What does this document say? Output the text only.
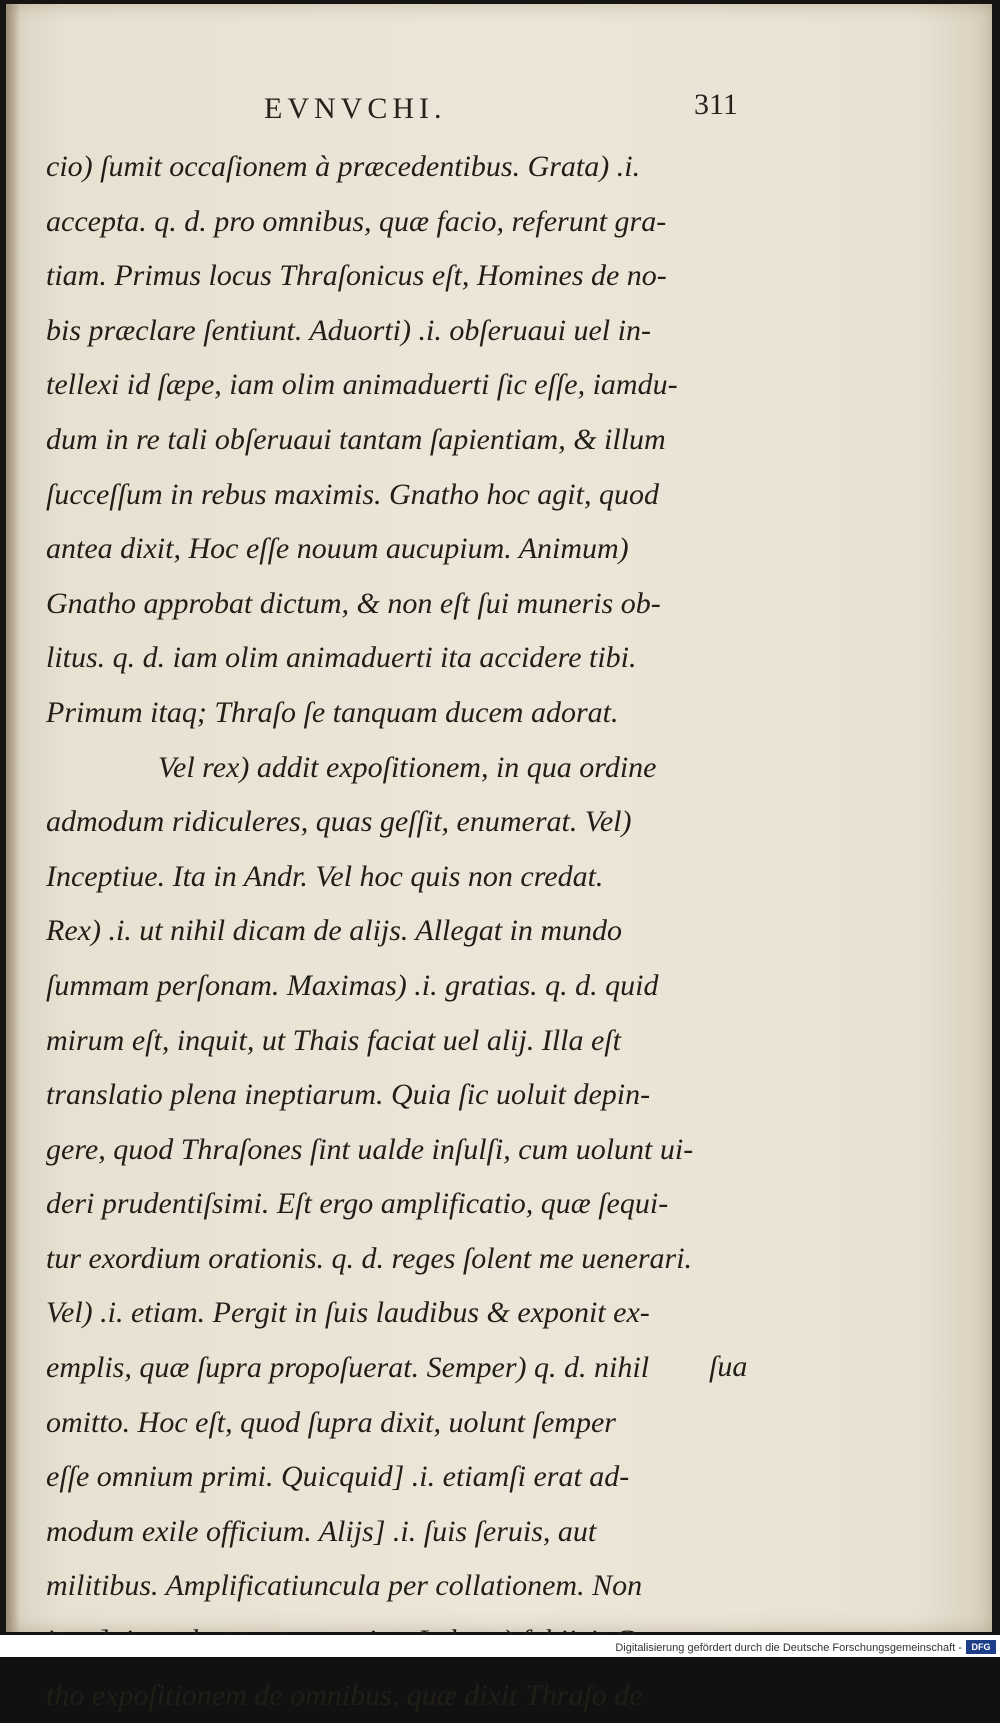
EVNVCHI.	311
cio) ſumit occaſionem à præcedentibus. Grata) .i.
accepta. q. d. pro omnibus, quæ facio, referunt gra-
tiam. Primus locus Thraſonicus eſt, Homines de no-
bis præclare ſentiunt. Aduorti) .i. obſeruaui uel in-
tellexi id ſæpe, iam olim animaduerti ſic eſſe, iamdu-
dum in re tali obſeruaui tantam ſapientiam, & illum
ſucceſſum in rebus maximis. Gnatho hoc agit, quod
antea dixit, Hoc eſſe nouum aucupium. Animum)
Gnatho approbat dictum, & non eſt ſui muneris ob-
litus. q. d. iam olim animaduerti ita accidere tibi.
Primum itaq; Thraſo ſe tanquam ducem adorat.
Vel rex) addit expoſitionem, in qua ordine
admodum ridiculeres, quas geſſit, enumerat. Vel)
Inceptiue. Ita in Andr. Vel hoc quis non credat.
Rex) .i. ut nihil dicam de alijs. Allegat in mundo
ſummam perſonam. Maximas) .i. gratias. q. d. quid
mirum eſt, inquit, ut Thais faciat uel alij. Illa eſt
translatio plena ineptiarum. Quia ſic uoluit depin-
gere, quod Thraſones ſint ualde inſulſi, cum uolunt ui-
deri prudentiſsimi. Eſt ergo amplificatio, quæ ſequi-
tur exordium orationis. q. d. reges ſolent me uenerari.
Vel) .i. etiam. Pergit in ſuis laudibus & exponit ex-
emplis, quæ ſupra propoſuerat. Semper) q. d. nihil
omitto. Hoc eſt, quod ſupra dixit, uolunt ſemper
eſſe omnium primi. Quicquid] .i. etiamſi erat ad-
modum exile officium. Alijs] .i. ſuis ſeruis, aut
militibus. Amplificatiuncula per collationem. Non
tho expoſitionem de omnibus, quæ dixit Thraſo de
ſua
Digitalisierung gefördert durch die Deutsche Forschungsgemeinschaft -	DFG
